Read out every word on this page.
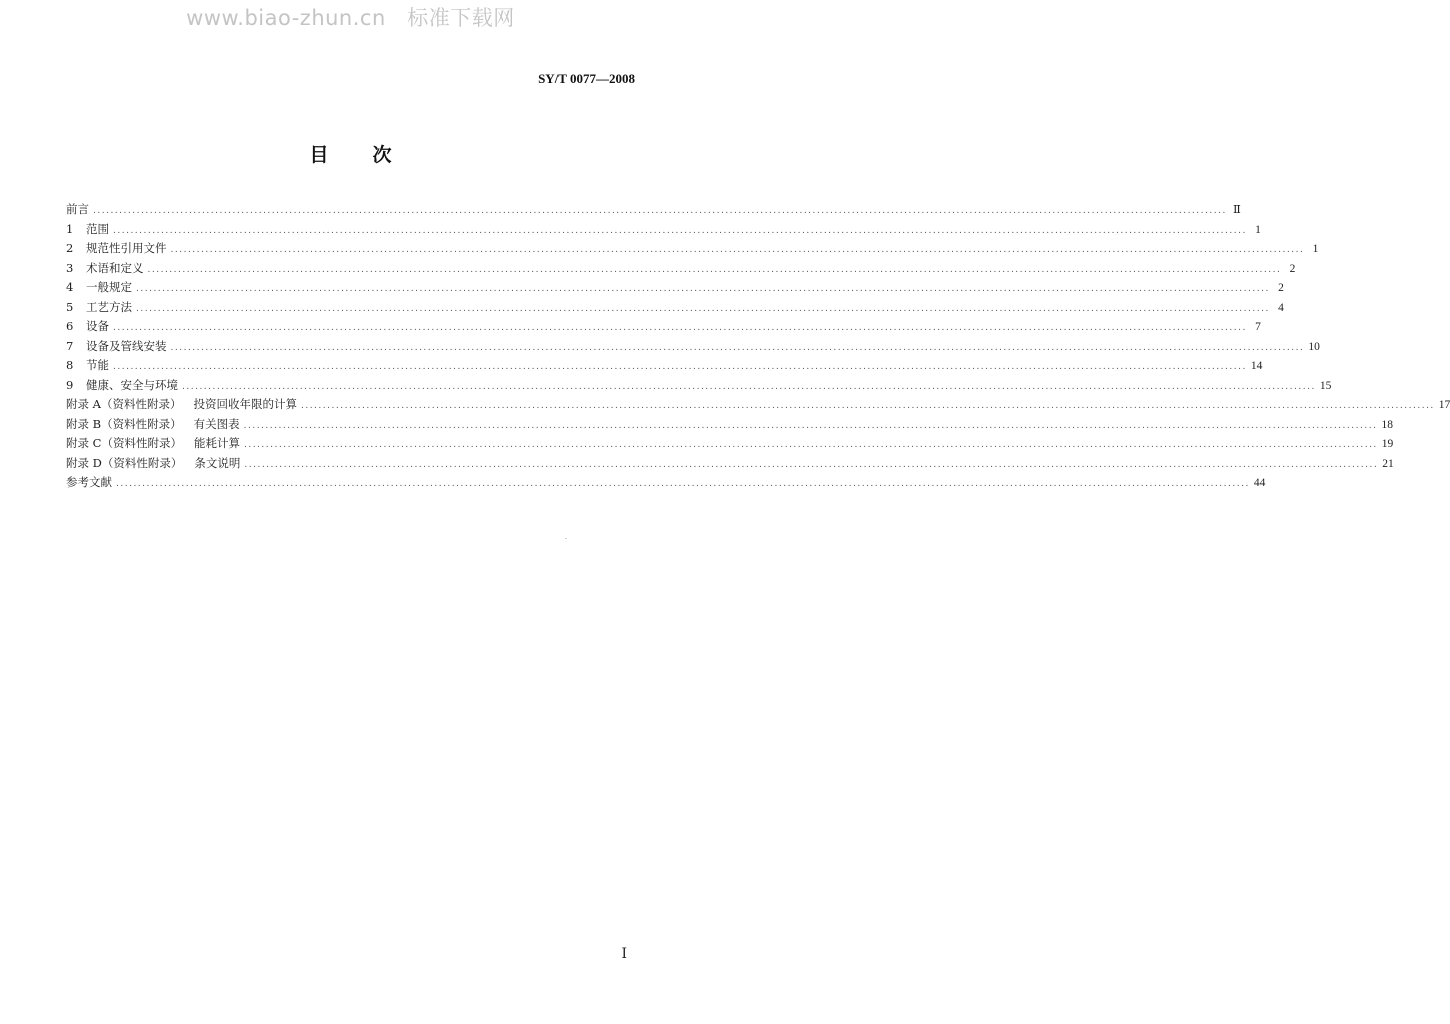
www.biao-zhun.cn   标准下载网
SY/T 0077—2008
目 次
前言 .................................................................................................................................................................................................................................................................... Ⅱ
1	范围 .................................................................................................................................................................................................................................................................... 1
2	规范性引用文件 .................................................................................................................................................................................................................................................................... 1
3	术语和定义 .................................................................................................................................................................................................................................................................... 2
4	一般规定 .................................................................................................................................................................................................................................................................... 2
5	工艺方法 .................................................................................................................................................................................................................................................................... 4
6	设备 .................................................................................................................................................................................................................................................................... 7
7	设备及管线安装 .................................................................................................................................................................................................................................................................... 10
8	节能 .................................................................................................................................................................................................................................................................... 14
9	健康、安全与环境 .................................................................................................................................................................................................................................................................... 15
附录 A（资料性附录） 投资回收年限的计算 .................................................................................................................................................................................................................................................................... 17
附录 B（资料性附录） 有关图表 .................................................................................................................................................................................................................................................................... 18
附录 C（资料性附录） 能耗计算 .................................................................................................................................................................................................................................................................... 19
附录 D（资料性附录） 条文说明 .................................................................................................................................................................................................................................................................... 21
参考文献 .................................................................................................................................................................................................................................................................... 44
Ⅰ
